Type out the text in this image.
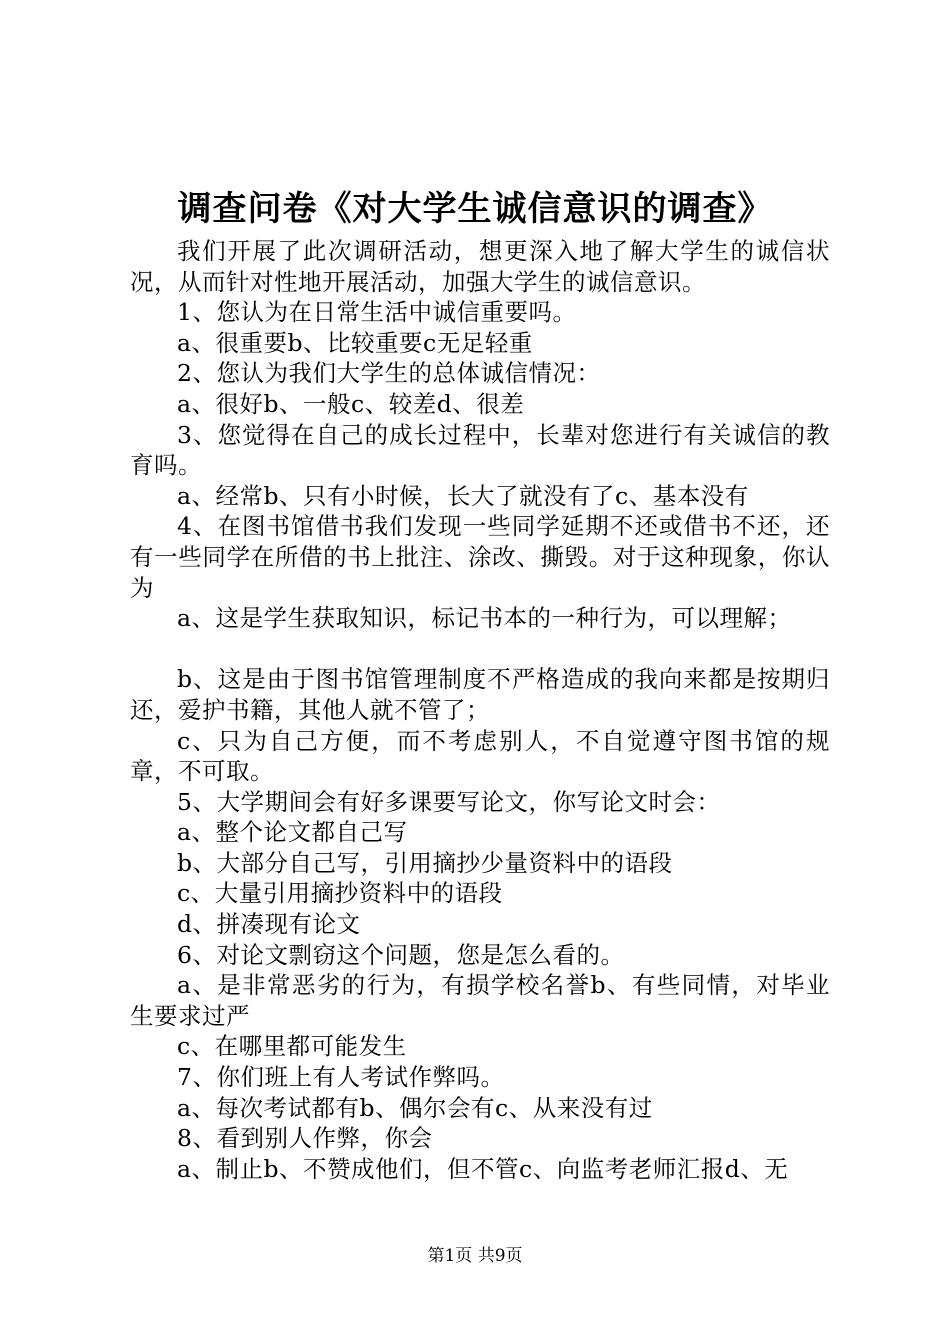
调查问卷《对大学生诚信意识的调查》

我们开展了此次调研活动，想更深入地了解大学生的诚信状况，从而针对性地开展活动，加强大学生的诚信意识。

1、您认为在日常生活中诚信重要吗。

a、很重要b、比较重要c无足轻重

2、您认为我们大学生的总体诚信情况：

a、很好b、一般c、较差d、很差

3、您觉得在自己的成长过程中，长辈对您进行有关诚信的教育吗。

a、经常b、只有小时候，长大了就没有了c、基本没有

4、在图书馆借书我们发现一些同学延期不还或借书不还，还有一些同学在所借的书上批注、涂改、撕毁。对于这种现象，你认为

a、这是学生获取知识，标记书本的一种行为，可以理解；

b、这是由于图书馆管理制度不严格造成的我向来都是按期归还，爱护书籍，其他人就不管了；

c、只为自己方便，而不考虑别人，不自觉遵守图书馆的规章，不可取。

5、大学期间会有好多课要写论文，你写论文时会：

a、整个论文都自己写

b、大部分自己写，引用摘抄少量资料中的语段

c、大量引用摘抄资料中的语段

d、拼凑现有论文

6、对论文剽窃这个问题，您是怎么看的。

a、是非常恶劣的行为，有损学校名誉b、有些同情，对毕业生要求过严

c、在哪里都可能发生

7、你们班上有人考试作弊吗。

a、每次考试都有b、偶尔会有c、从来没有过

8、看到别人作弊，你会

a、制止b、不赞成他们，但不管c、向监考老师汇报d、无

第1页 共9页
